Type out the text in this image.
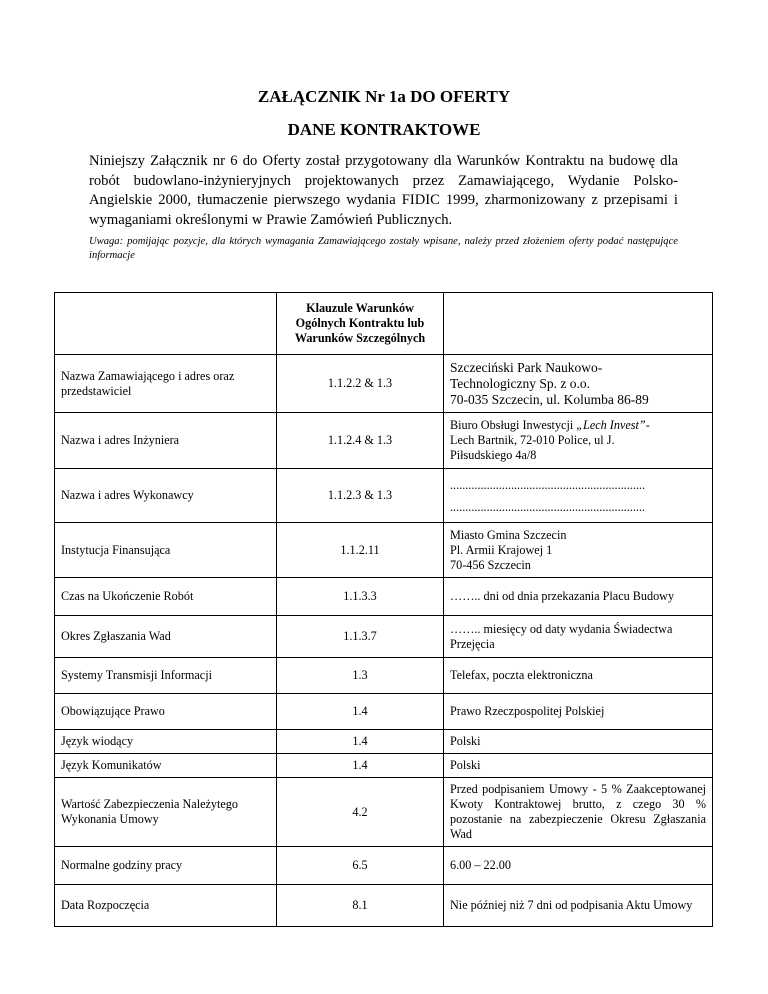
ZAŁĄCZNIK Nr 1a DO OFERTY
DANE KONTRAKTOWE
Niniejszy Załącznik nr 6 do Oferty został przygotowany dla Warunków Kontraktu na budowę dla robót budowlano-inżynieryjnych projektowanych przez Zamawiającego, Wydanie Polsko-Angielskie 2000, tłumaczenie pierwszego wydania FIDIC 1999, zharmonizowany z przepisami i wymaganiami określonymi w Prawie Zamówień Publicznych.
Uwaga: pomijając pozycje, dla których wymagania Zamawiającego zostały wpisane, należy przed złożeniem oferty podać następujące informacje
	Klauzule Warunków Ogólnych Kontraktu lub Warunków Szczególnych	
Nazwa Zamawiającego i adres oraz przedstawiciel	1.1.2.2 & 1.3	Szczeciński Park Naukowo-
Technologiczny Sp. z o.o.
70-035 Szczecin, ul. Kolumba 86-89

Nazwa i adres Inżyniera	1.1.2.4 & 1.3	Biuro Obsługi Inwestycji „Lech Invest”-
Lech Bartnik, 72-010 Police, ul J.
Piłsudskiego 4a/8

Nazwa i adres Wykonawcy	1.1.2.3 & 1.3	................................................................
................................................................

Instytucja Finansująca	1.1.2.11	Miasto Gmina Szczecin
Pl. Armii Krajowej 1
70-456 Szczecin

Czas na Ukończenie Robót	1.1.3.3	…….. dni od dnia przekazania Placu Budowy
Okres Zgłaszania Wad	1.1.3.7	…….. miesięcy od daty wydania Świadectwa Przejęcia
Systemy Transmisji Informacji	1.3	Telefax, poczta elektroniczna
Obowiązujące Prawo	1.4	Prawo Rzeczpospolitej Polskiej
Język wiodący	1.4	Polski
Język Komunikatów	1.4	Polski
Wartość Zabezpieczenia Należytego Wykonania Umowy	4.2	Przed podpisaniem Umowy - 5 % Zaakceptowanej Kwoty Kontraktowej brutto, z czego 30 % pozostanie na zabezpieczenie Okresu Zgłaszania Wad
Normalne godziny pracy	6.5	6.00 – 22.00
Data Rozpoczęcia	8.1	Nie później niż 7 dni od podpisania Aktu Umowy
